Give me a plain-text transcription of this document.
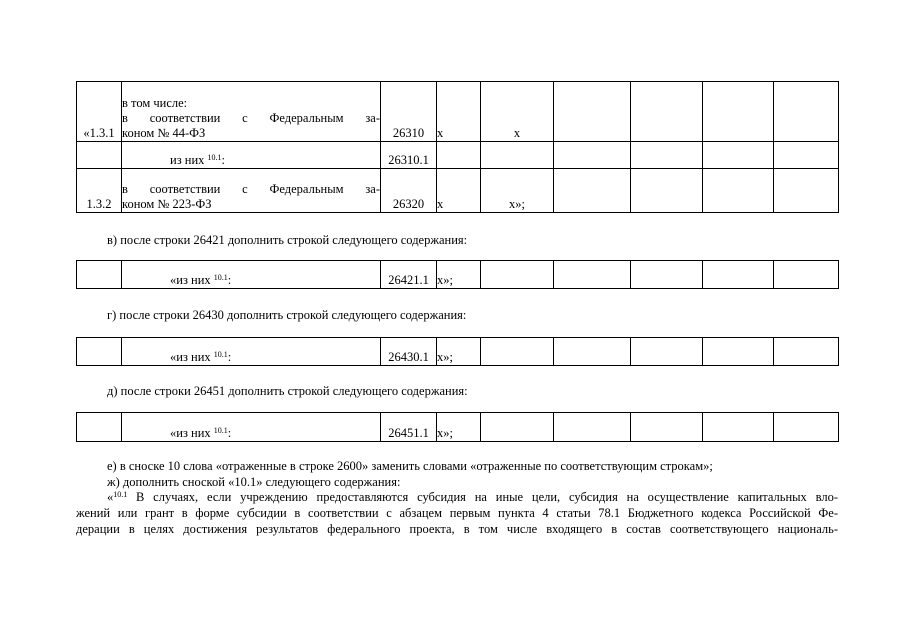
«1.3.1	в том числе:
в соответствии с Федеральным за-
коном № 44-ФЗ	26310	х	х				
	из них $^{10.1}$:	26310.1						
1.3.2	в соответствии с Федеральным за-
коном № 223-ФЗ	26320	х	х»;				
в) после строки 26421 дополнить строкой следующего содержания:
	«из них $^{10.1}$:	26421.1	х»;					
г) после строки 26430 дополнить строкой следующего содержания:
	«из них $^{10.1}$:	26430.1	х»;					
д) после строки 26451 дополнить строкой следующего содержания:
	«из них $^{10.1}$:	26451.1	х»;					
е) в сноске 10 слова «отраженные в строке 2600» заменить словами «отраженные по соответствующим строкам»;
ж) дополнить сноской «10.1» следующего содержания:
«$^{10.1}$ В случаях, если учреждению предоставляются субсидия на иные цели, субсидия на осуществление капитальных вло-
жений или грант в форме субсидии в соответствии с абзацем первым пункта 4 статьи 78.1 Бюджетного кодекса Российской Фе-
дерации в целях достижения результатов федерального проекта, в том числе входящего в состав соответствующего националь-
